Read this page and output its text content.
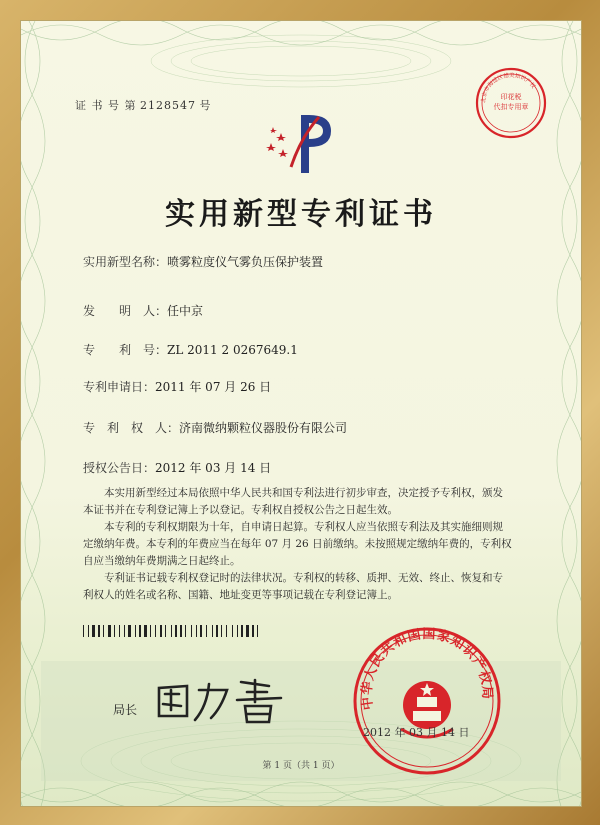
印花税
代扣专用章
北京市海淀区德美知识产权
证 书 号 第 2128547 号
实用新型专利证书
实用新型名称：喷雾粒度仪气雾负压保护装置
发　　明　人：任中京
专　　利　号：ZL 2011 2 0267649.1
专利申请日：2011 年 07 月 26 日
专　利　权　人：济南微纳颗粒仪器股份有限公司
授权公告日：2012 年 03 月 14 日

本实用新型经过本局依照中华人民共和国专利法进行初步审查，决定授予专利权，颁发本证书并在专利登记簿上予以登记。专利权自授权公告之日起生效。

本专利的专利权期限为十年，自申请日起算。专利权人应当依照专利法及其实施细则规定缴纳年费。本专利的年费应当在每年 07 月 26 日前缴纳。未按照规定缴纳年费的，专利权自应当缴纳年费期满之日起终止。

专利证书记载专利权登记时的法律状况。专利权的转移、质押、无效、终止、恢复和专利权人的姓名或名称、国籍、地址变更等事项记载在专利登记簿上。

中华人民共和国国家知识产权局
局长
2012 年 03 月 14 日
第 1 页（共 1 页）
